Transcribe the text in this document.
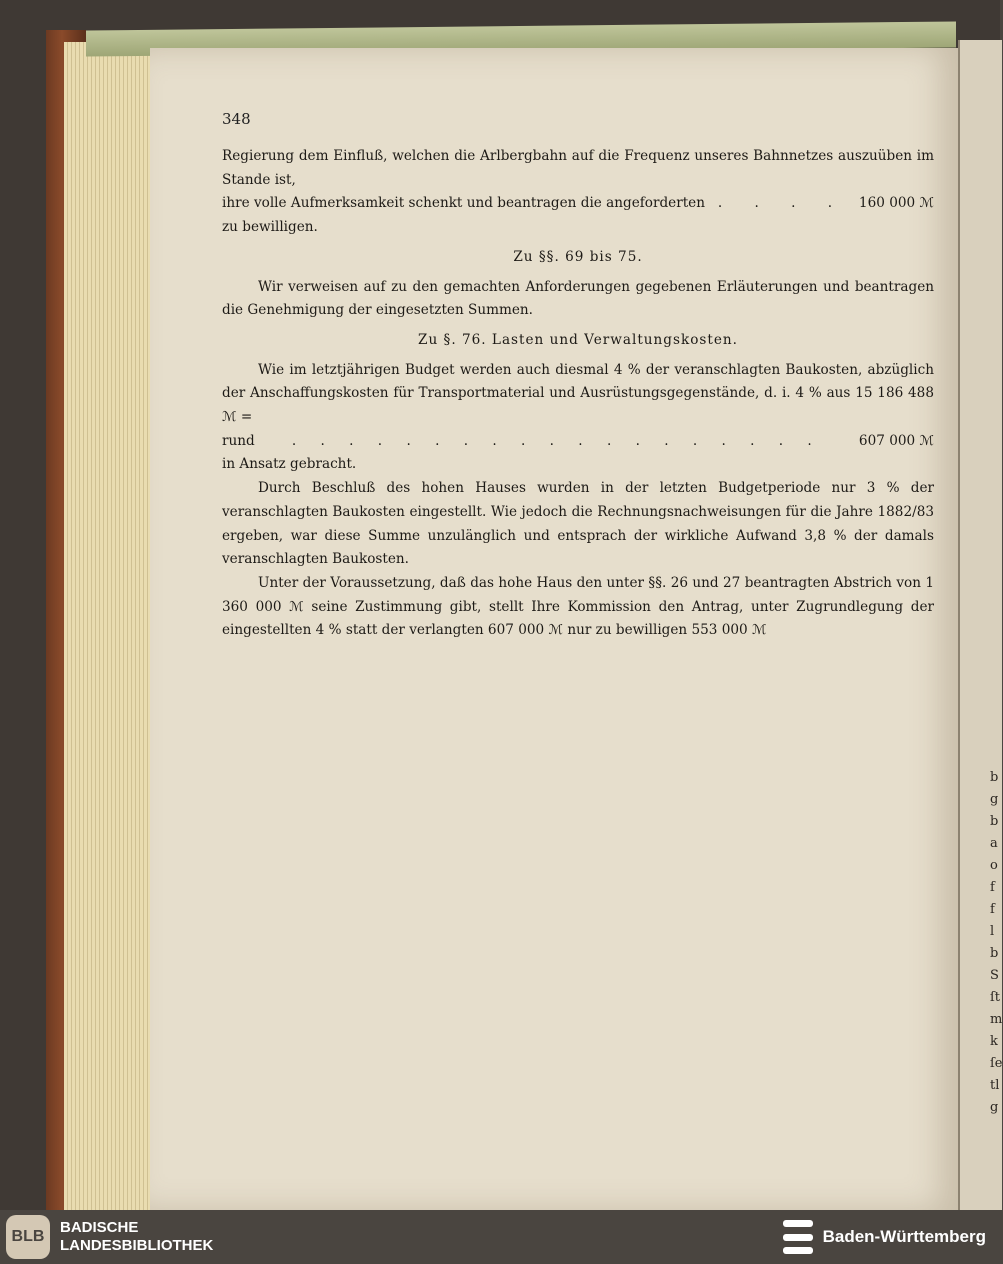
b
g
b
a
o
f
f
l
b
S
ſt
m
k
ſe
tl
g
348

Regierung dem Einfluß, welchen die Arlbergbahn auf die Frequenz unseres Bahnnetzes auszuüben im Stande ist,

ihre volle Aufmerksamkeit schenkt und beantragen die angeforderten . . . . 160 000 ℳ

zu bewilligen.

Zu §§. 69 bis 75.

Wir verweisen auf zu den gemachten Anforderungen gegebenen Erläuterungen und beantragen die Genehmigung der eingesetzten Summen.

Zu §. 76. Lasten und Verwaltungskosten.

Wie im letztjährigen Budget werden auch diesmal 4 % der veranschlagten Baukosten, abzüglich der Anschaffungskosten für Transportmaterial und Ausrüstungsgegenstände, d. i. 4 % aus 15 186 488 ℳ =

rund	. . . . . . . . . . . . . . . . . . .	607 000 ℳ

in Ansatz gebracht.

Durch Beschluß des hohen Hauses wurden in der letzten Budgetperiode nur 3 % der veranschlagten Baukosten eingestellt. Wie jedoch die Rechnungsnachweisungen für die Jahre 1882/83 ergeben, war diese Summe unzulänglich und entsprach der wirkliche Aufwand 3,8 % der damals veranschlagten Baukosten.

Unter der Voraussetzung, daß das hohe Haus den unter §§. 26 und 27 beantragten Abstrich von 1 360 000 ℳ seine Zustimmung gibt, stellt Ihre Kommission den Antrag, unter Zugrundlegung der eingestellten 4 % statt der verlangten 607 000 ℳ nur zu bewilligen 553 000 ℳ

BLB
BADISCHE
LANDESBIBLIOTHEK	Baden-Württemberg
